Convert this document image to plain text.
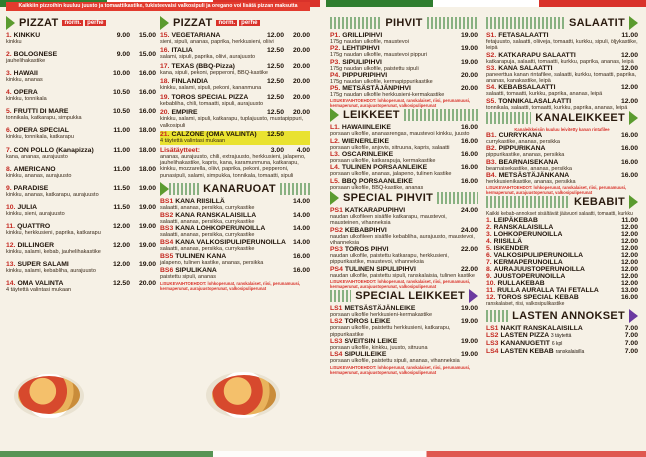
Kaikkiin pizzoihin kuuluu juusto ja tomaattikastike, tukisteevaisi valkosipuli ja oregano voi lisätä pizzan maksutta
PIZZAT	norm.	perhe
1. KINKKU	9.00 15.00
kinkku
2. BOLOGNESE	9.00 15.00
jauhelihakastike
3. HAWAII	10.00 16.00
kinkku, ananas
4. OPERA	10.50 16.00
kinkku, tonnikala
5. FRUTTI DI MARE	10.50 16.00
tonnikala, katkarapu, simpukka
6. OPERA SPECIAL	11.00 18.00
kinkku, tonnikala, katkarapu
7. CON POLLO (Kanapizza)	11.00 18.00
kana, ananas, aurajuusto
8. AMERICANO	11.00 18.00
kinkku, ananas, aurajuusto
9. PARADISE	11.50 19.00
kinkku, ananas, katkarapu, aurajuusto
10. JULIA	11.50 19.00
kinkku, sieni, aurajuusto
11. QUATTRO	12.00 19.00
kinkku, herkkusieni, paprika, katkarapu
12. DILLINGER	12.00 19.00
kinkku, salami, kebab, jauhelihakastike
13. SUPER SALAMI	12.00 19.00
kinkku, salami, kebabliha, aurajuusto
14. OMA VALINTA	12.50 20.00
4 täytettä valintasi mukaan
PIZZAT	norm.	perhe
15. VEGETARIANA	12.00 20.00
sieni, sipuli, ananas, paprika, herkkusieni, oliivi
16. ITALIA	12.50 20.00
salami, sipuli, paprika, oliivi, aurajuusto
17. TEXAS (BBQ-Pizza)	12.50 20.00
kana, sipuli, pekoni, pepperoni, BBQ-kastike
18. FINLANDIA	12.50 20.00
kinkku, salami, sipuli, pekoni, kananmuna
19. TOROS SPECIAL PIZZA	12.50 20.00
kebabliha, chili, tomaatti, sipuli, aurajuusto
20. EMPIRE	12.50 20.00
kinkku, salami, sipuli, katkarapu, tuplajuusto, mustapippuri, valkosipuli
21. CALZONE (OMA VALINTA)	12.50
4 täytettä valintasi mukaan
Lisätäytteet:	3.00 4.00
ananas, aurajuusto, chili, extrajuusto, herkkusieni, jalapeno, jauhelihakastike, kapris, kana, karamunmuna, katkarapu, kinkku, mozzarella, oliivi, paprika, pekoni, pepperoni, punasipuli, salami, simpukka, tonnikala, tomaatti, sipuli
KANARUOAT
BS1 KANA RIISILLÄ	14.00
salaatti, ananas, persikka, currykastike
BS2 KANA RANSKALAISILLA	14.00
salaatti, ananas, persikka, currykastike
BS3 KANA LOHKOPERUNOILLA	14.00
salaatti, ananas, persikka, currykastike
BS4 KANA VALKOSIPULIPERUNOILLA	14.00
salaatti, ananas, persikka, currykastike
BS5 TULINEN KANA	16.00
jalapeno, tulinen kastike, ananas, persikka
BS6 SIPULIKANA	16.00
paistettu sipuli, ananas
LISUKEVAIHTOEHDOT: lohkoperunat, ranskalaiset, riisi, perunamuusi, kermaperunat, aurajuustoperunat, valkosipuliperunat
PIHVIT
P1. GRILLIPIHVI	19.00
175g naudan ulkofile, maustevoi
P2. LEHTIPIHVI	19.00
175g naudan ulkofile, maustevoi pippuri
P3. SIPULIPIHVI	19.00
175g naudan ulkofile, paistettu sipuli
P4. PIPPURIPIHVI	20.00
175g naudan ulkofile, kermapippurikastike
P5. METSÄSTÄJÄNPIHVI	20.00
175g naudan ulkofile herkkusieni-kermakastike
LISUKEVAIHTOEHDOT: lohkoperunat, ranskalaiset, riisi, perunamuusi, kermaperunat, aurajuustoperunat, valkosipuliperunat
LEIKKEET
L1. HAWAIINLEIKE	16.00
porsaan ulkofile, ananasrengas, maustevoi kinkku, juusto
L2. WIENERLEIKE	16.00
porsaan ulkofile, anjovis, sitruuna, kapris, salaatti
L3. OSCARINLEIKE	16.00
porsaan ulkofile, katkarapuja, kermakastike
L4. TULINEN PORSAANLEIKE	16.00
porsaan ulkofile, ananas, jalapeno, tulinen kastike
L5. BBQ PORSAANLEIKE	16.00
porsaan ulkofile, BBQ-kastike, ananas
SPECIAL PIHVIT
PS1 KATKARAPUPIHVI	24.00
naudan ulkofileen sisäfile katkarapu, maustevoi, mausteinen, vihanneksia
PS2 KEBABPIHVI	24.00
naudan ulkofileen sisäfile kebabliha, aurajuusto, maustevoi, vihanneksia
PS3 TOROS PIHVI	22.00
naudan ulkofile, paistettu katkarapu, herkkusieni, pippurikastike, maustevoi, vihanneksia
PS4 TULINEN SIPULIPIHVI	22.00
naudan ulkofile, paistettu sipuli, ranskalaisia, tulinen kastike
LISUKEVAIHTOEHDOT: lohkoperunat, ranskalaiset, riisi, perunamuusi, kermaperunat, aurajuustoperunat, valkosipuliperunat
SPECIAL LEIKKEET
LS1 METSÄSTÄJÄNLEIKE	19.00
porsaan ulkofile herkkusieni-kermakastike
LS2 TOROS LEIKE	19.00
porsaan ulkofile, paistettu herkkusieni, katkarapu, pippurikastike
LS3 SVEITSIN LEIKE	19.00
porsaan ulkofile, kinkku, juusto, sitruuna
LS4 SIPULILEIKE	19.00
porsaan ulkofile, paistettu sipuli, ananas, vihanneksia
LISUKEVAIHTOEHDOT: lohkoperunat, ranskalaiset, riisi, perunamuusi, kermaperunat, aurajuustoperunat, valkosipuliperunat
SALAATIT
S1. FETASALAATTI	11.00
fetajuusto, salaatti, oliiveja, tomaatti, kurkku, sipuli, öljykastike, leipä
S2. KATKARAPU SALAATTI	12.00
katkarapuja, salaatti, tomaatti, kurkku, paprika, ananas, leipä
S3. KANA SALAATTI	12.00
paneerttua kanan rintafilee, salaatti, kurkku, tomaatti, paprika, ananas, kanakastike, leipä
S4. KEBABSALAATTI	12.00
salaatti, tomaatti, kurkku, paprika, ananas, leipä
S5. TONNIKALASALAATTI	12.00
tonnikala, salaatti, tomaatti, kurkku, paprika, ananas, leipä
KANALEIKKEET
Kanaleikkeisiin kuuluu leivitetty kanan rintafilee
B1. CURRYKANA	16.00
currykastike, ananas, persikka
B2. PIPPURIKANA	16.00
pippurikastike, ananas, persikka
B3. BEARNAISEKANA	16.00
bearnaisekastike, ananas, persikka
B4. METSÄSTÄJÄNKANA	16.00
herkkusienikastike, ananas, persikka
LISUKEVAIHTOEHDOT: lohkoperunat, ranskalaiset, riisi, perunamuusi, kermaperunat, aurajuustoperunat, valkosipuliperunat
KEBABIT
Kaikki kebab-annokset sisältävät jäävuori salaatti, tomaatti, kurkku
1. LEIPÄKEBAB	11.00
2. RANSKALAISILLA	12.00
3. LOHKOPERUNOILLA	12.00
4. RIISILLÄ	12.00
5. ISKENDER	12.00
6. VALKOSIPULIPERUNOILLA	12.00
7. KERMAPERUNOILLA	12.00
8. AURAJUUSTOPERUNOILLA	12.00
9. JUUSTOPERUNOILLA	12.00
10. RULLAKEBAB	12.00
11. RULLA AURALLA TAI FETALLA	13.00
12. TOROS SPECIAL KEBAB	16.00
ranskalaiset, riisi, valkosipulikastike
LASTEN ANNOKSET
LS1 NAKIT RANSKALAISILLA	7.00
LS2 LASTEN PIZZA 3 täytettä	7.00
LS3 KANANUGETIT 6 kpl	7.00
LS4 LASTEN KEBAB ranskalaisilla	7.00
